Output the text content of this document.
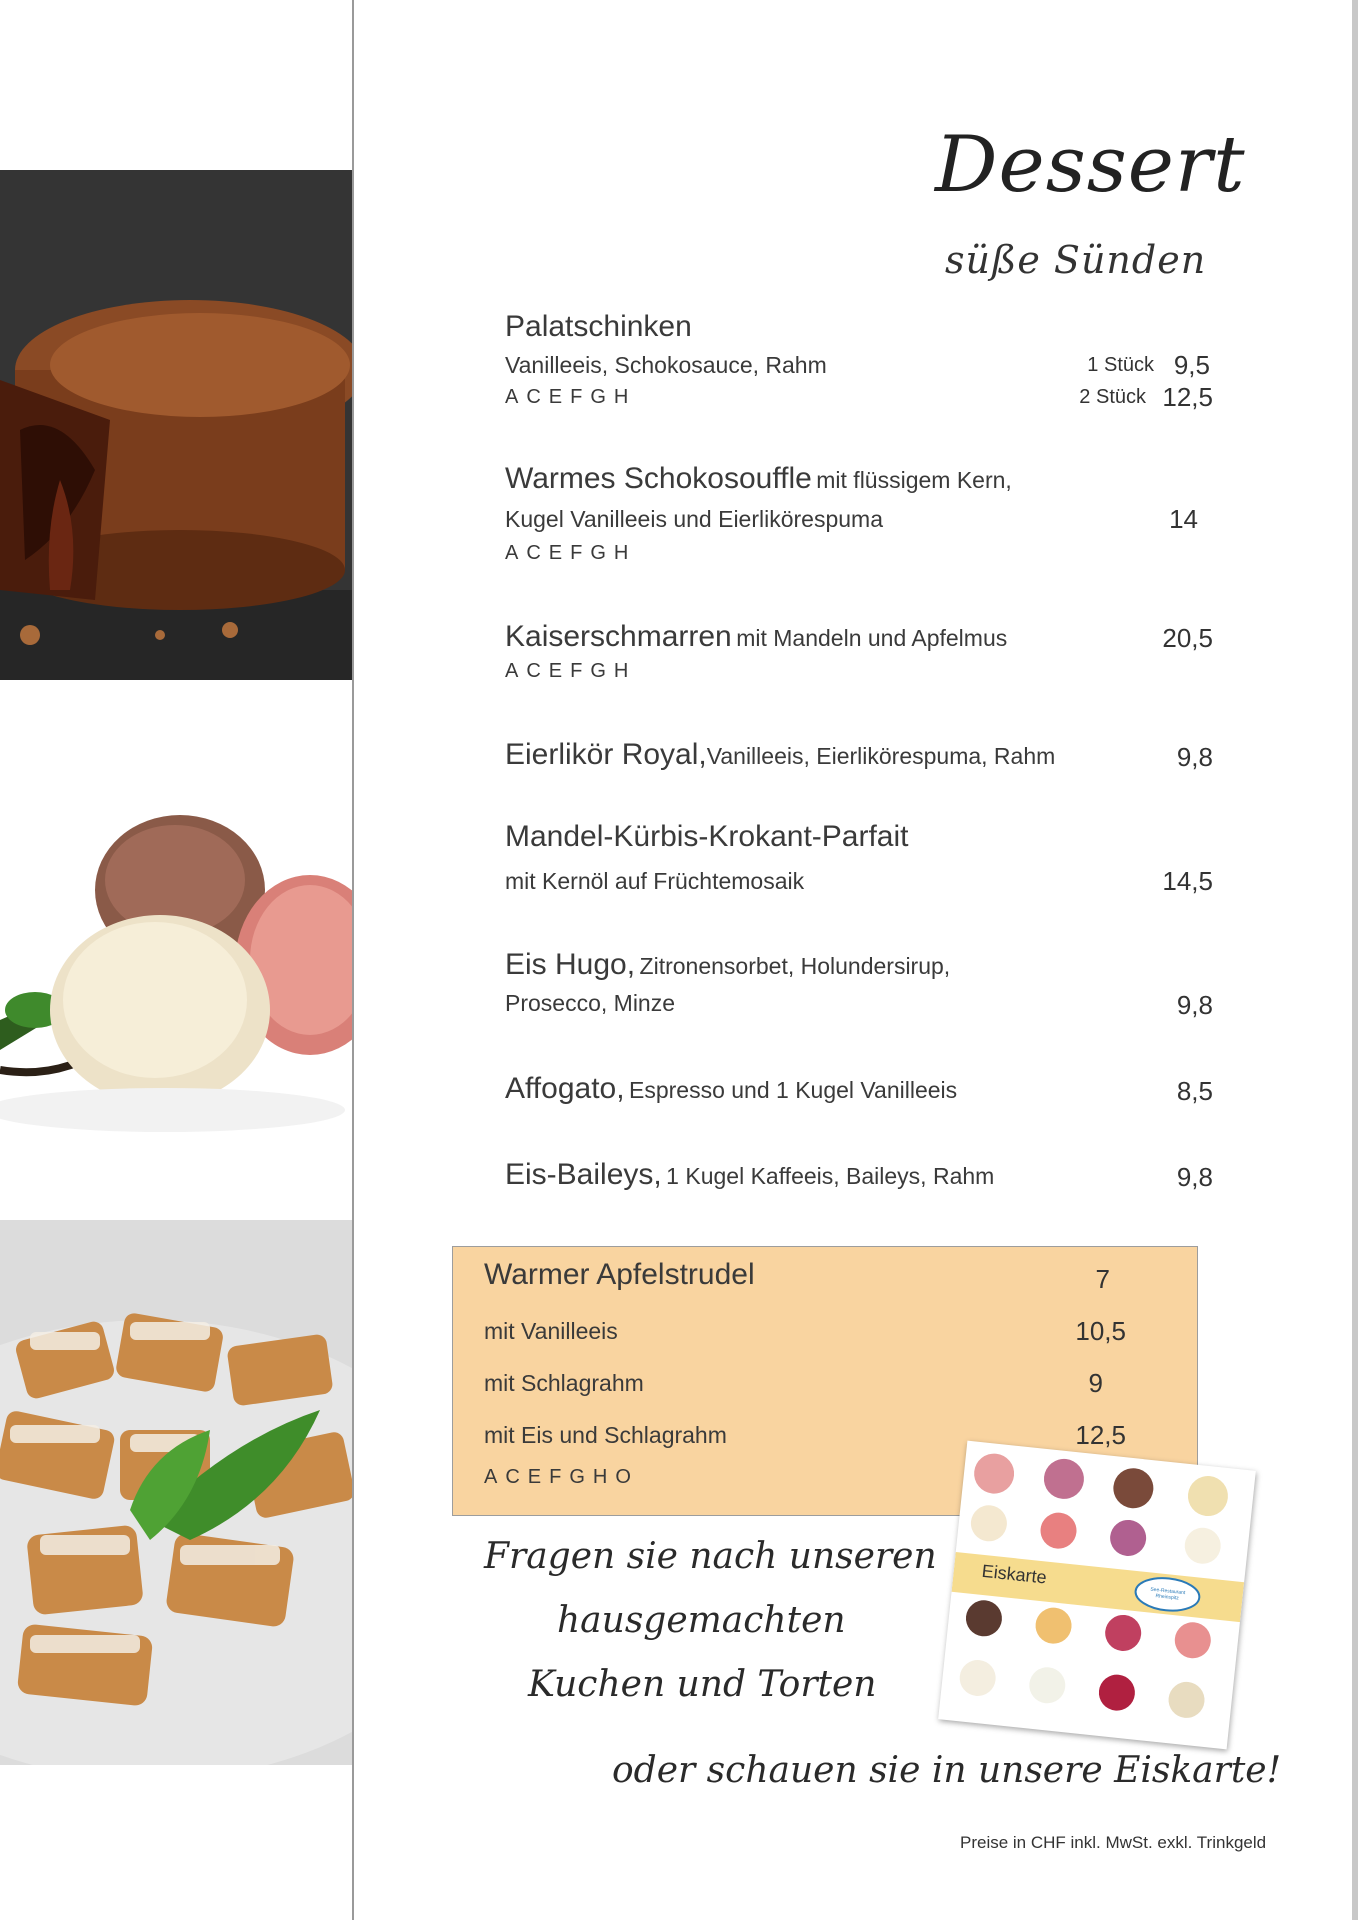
Dessert
süße Sünden
Palatschinken
Vanilleeis, Schokosauce, Rahm
ACEFGH
1 Stück 9,5
2 Stück 12,5
Warmes Schokosouffle mit flüssigem Kern,
Kugel Vanilleeis und Eierlikörespuma
ACEFGH
14
Kaiserschmarren mit Mandeln und Apfelmus
ACEFGH
20,5
Eierlikör Royal,Vanilleeis, Eierlikörespuma, Rahm	9,8
Mandel-Kürbis-Krokant-Parfait
mit Kernöl auf Früchtemosaik	14,5
Eis Hugo, Zitronensorbet, Holundersirup,
Prosecco, Minze	9,8
Affogato, Espresso und 1 Kugel Vanilleeis	8,5
Eis-Baileys, 1 Kugel Kaffeeis, Baileys, Rahm	9,8
Warmer Apfelstrudel	7
mit Vanilleeis	10,5
mit Schlagrahm	9
mit Eis und Schlagrahm	12,5
ACEFGHO
Eiskarte
See-Restaurant Rheinspitz
Fragen sie nach unseren
hausgemachten
Kuchen und Torten
oder schauen sie in unsere Eiskarte!
Preise in CHF inkl. MwSt. exkl. Trinkgeld
